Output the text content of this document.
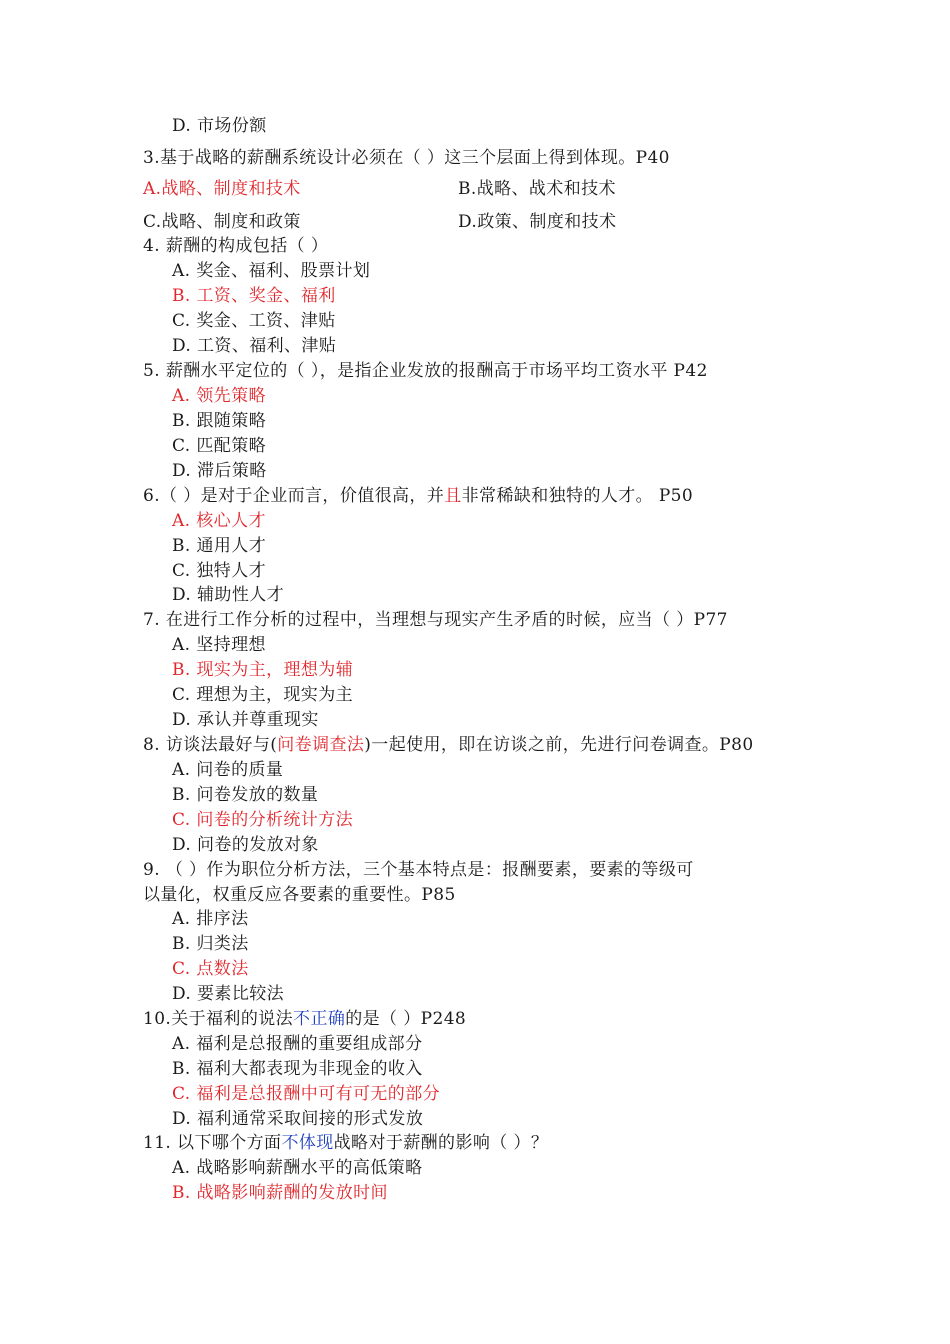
D. 市场份额
3.基于战略的薪酬系统设计必须在（ ）这三个层面上得到体现。P40
A.战略、制度和技术	B.战略、战术和技术
C.战略、制度和政策	D.政策、制度和技术
4. 薪酬的构成包括（ ）
A. 奖金、福利、股票计划
B. 工资、奖金、福利
C. 奖金、工资、津贴
D. 工资、福利、津贴
5. 薪酬水平定位的（ ），是指企业发放的报酬高于市场平均工资水平 P42
A. 领先策略
B. 跟随策略
C. 匹配策略
D. 滞后策略
6.（ ）是对于企业而言，价值很高，并且非常稀缺和独特的人才。 P50
A. 核心人才
B. 通用人才
C. 独特人才
D. 辅助性人才
7. 在进行工作分析的过程中，当理想与现实产生矛盾的时候，应当（ ）P77
A. 坚持理想
B. 现实为主，理想为辅
C. 理想为主，现实为主
D. 承认并尊重现实
8. 访谈法最好与(问卷调查法)一起使用，即在访谈之前，先进行问卷调查。P80
A. 问卷的质量
B. 问卷发放的数量
C. 问卷的分析统计方法
D. 问卷的发放对象
9. （ ）作为职位分析方法，三个基本特点是：报酬要素，要素的等级可
以量化，权重反应各要素的重要性。P85
A. 排序法
B. 归类法
C. 点数法
D. 要素比较法
10.关于福利的说法不正确的是（ ）P248
A. 福利是总报酬的重要组成部分
B. 福利大都表现为非现金的收入
C. 福利是总报酬中可有可无的部分
D. 福利通常采取间接的形式发放
11. 以下哪个方面不体现战略对于薪酬的影响（ ）？
A. 战略影响薪酬水平的高低策略
B. 战略影响薪酬的发放时间
